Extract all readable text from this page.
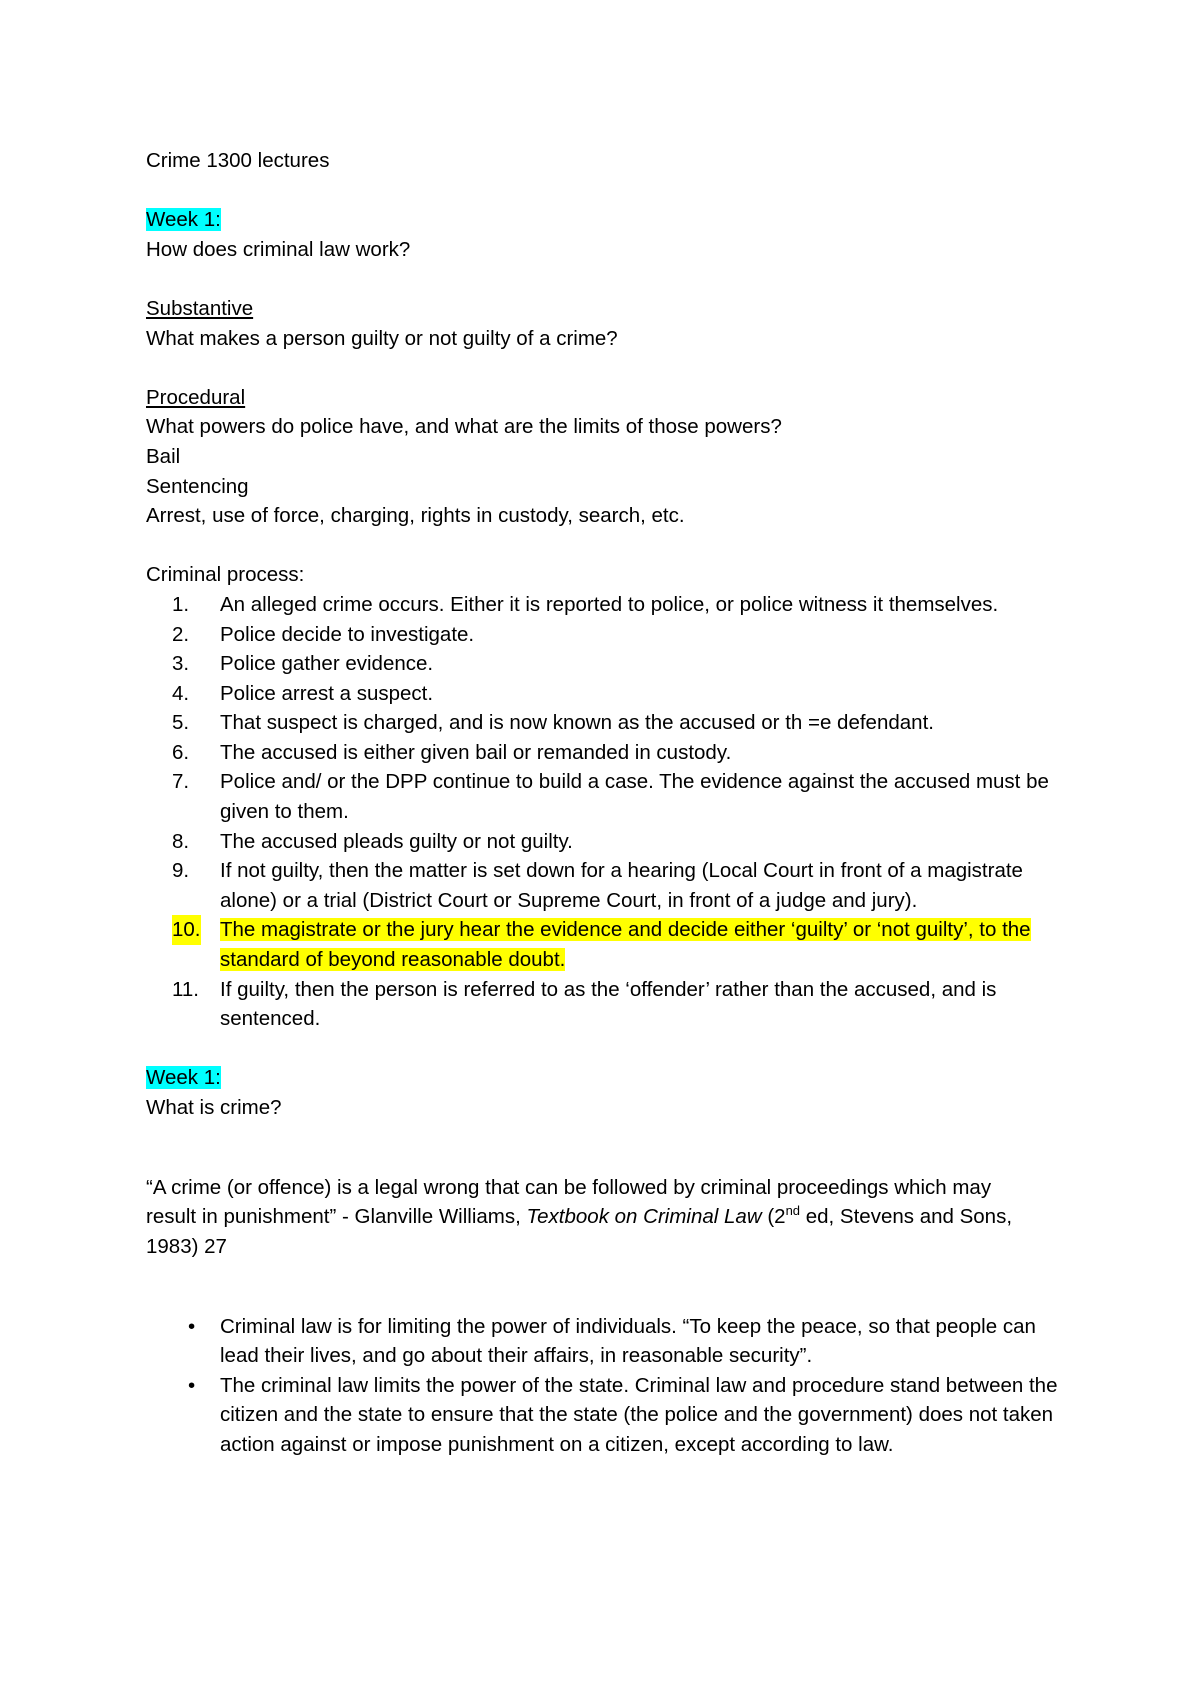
Crime 1300 lectures

Week 1:

How does criminal law work?

Substantive

What makes a person guilty or not guilty of a crime?

Procedural

What powers do police have, and what are the limits of those powers?

Bail

Sentencing

Arrest, use of force, charging, rights in custody, search, etc.

Criminal process:

1. An alleged crime occurs. Either it is reported to police, or police witness it themselves.
2. Police decide to investigate.
3. Police gather evidence.
4. Police arrest a suspect.
5. That suspect is charged, and is now known as the accused or th =e defendant.
6. The accused is either given bail or remanded in custody.
7. Police and/ or the DPP continue to build a case. The evidence against the accused must be given to them.
8. The accused pleads guilty or not guilty.
9. If not guilty, then the matter is set down for a hearing (Local Court in front of a magistrate alone) or a trial (District Court or Supreme Court, in front of a judge and jury).
10. The magistrate or the jury hear the evidence and decide either ‘guilty’ or ‘not guilty’, to the standard of beyond reasonable doubt.
11. If guilty, then the person is referred to as the ‘offender’ rather than the accused, and is sentenced.

Week 1:

What is crime?

“A crime (or offence) is a legal wrong that can be followed by criminal proceedings which may result in punishment” - Glanville Williams, Textbook on Criminal Law (2nd ed, Stevens and Sons, 1983) 27

• Criminal law is for limiting the power of individuals. “To keep the peace, so that people can lead their lives, and go about their affairs, in reasonable security”.
• The criminal law limits the power of the state. Criminal law and procedure stand between the citizen and the state to ensure that the state (the police and the government) does not taken action against or impose punishment on a citizen, except according to law.
